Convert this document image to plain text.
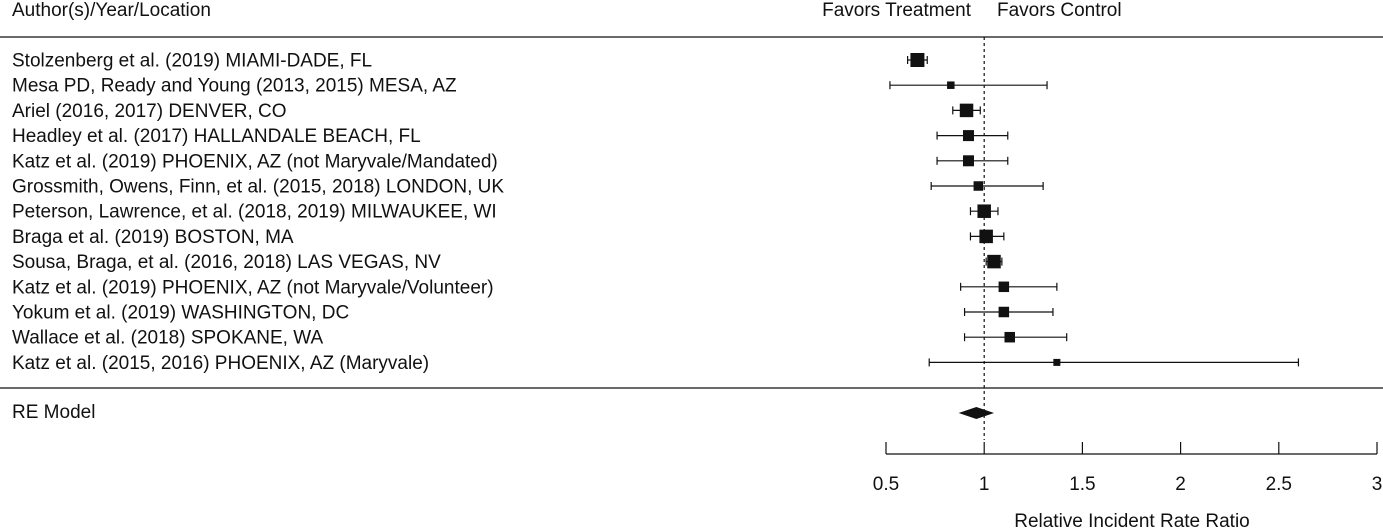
Author(s)/Year/Location	Favors Treatment Favors Control
Stolzenberg et al. (2019) MIAMI-DADE, FL
Mesa PD, Ready and Young (2013, 2015) MESA, AZ
Ariel (2016, 2017) DENVER, CO
Headley et al. (2017) HALLANDALE BEACH, FL
Katz et al. (2019) PHOENIX, AZ (not Maryvale/Mandated)
Grossmith, Owens, Finn, et al. (2015, 2018) LONDON, UK
Peterson, Lawrence, et al. (2018, 2019) MILWAUKEE, WI
Braga et al. (2019) BOSTON, MA
Sousa, Braga, et al. (2016, 2018) LAS VEGAS, NV
Katz et al. (2019) PHOENIX, AZ (not Maryvale/Volunteer)
Yokum et al. (2019) WASHINGTON, DC
Wallace et al. (2018) SPOKANE, WA
Katz et al. (2015, 2016) PHOENIX, AZ (Maryvale)
RE Model
0.5	1	1.5	2	2.5	3
Relative Incident Rate Ratio
